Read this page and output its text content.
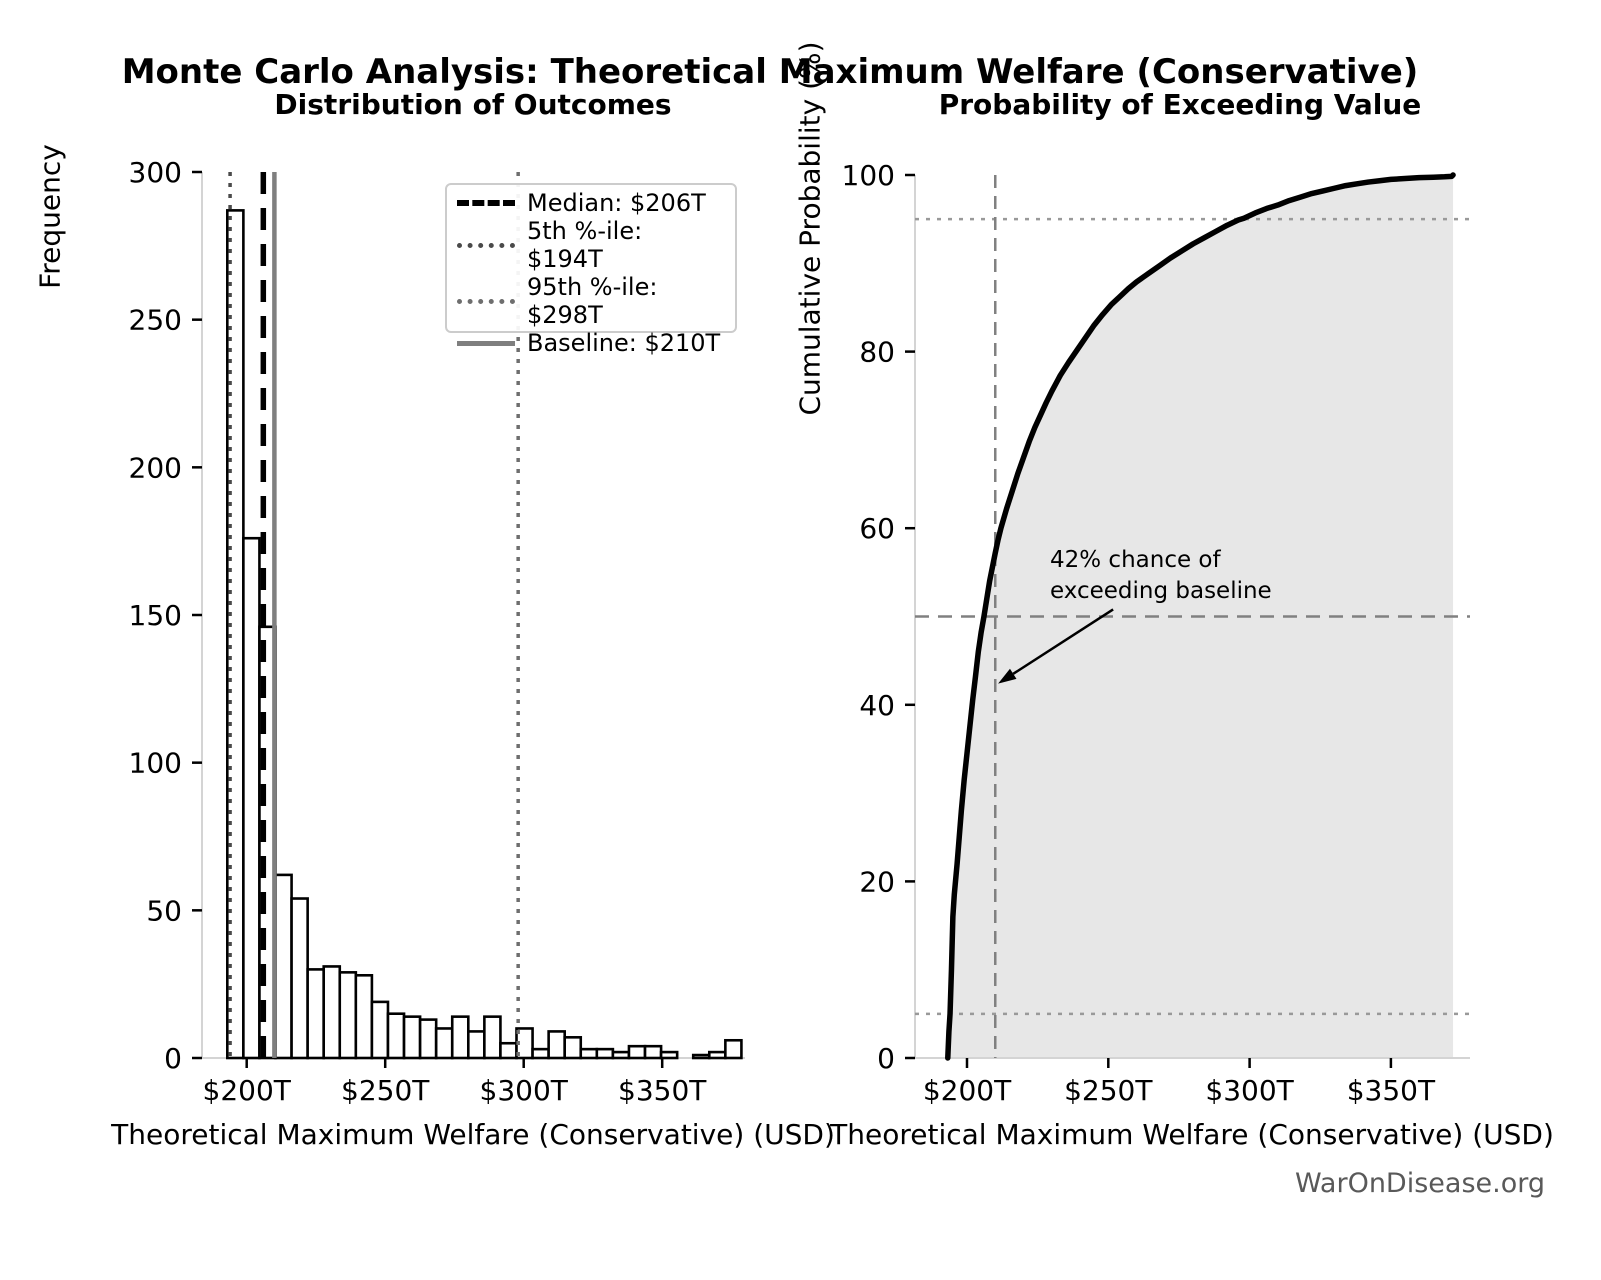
0
50
100
150
200
250
300
$200T $250T $300T $350T
0
20
40
60
80
100
$200T $250T $300T $350T
Monte Carlo Analysis: Theoretical Maximum Welfare (Conservative)
Distribution of Outcomes	Probability of Exceeding Value
Frequency	Cumulative Probability (%)
Theoretical Maximum Welfare (Conservative) (USD)
Theoretical Maximum Welfare (Conservative) (USD)
Median: $206T
5th %-ile: $194T
95th %-ile: $298T
Baseline: $210T
42% chance of
exceeding baseline
WarOnDisease.org
